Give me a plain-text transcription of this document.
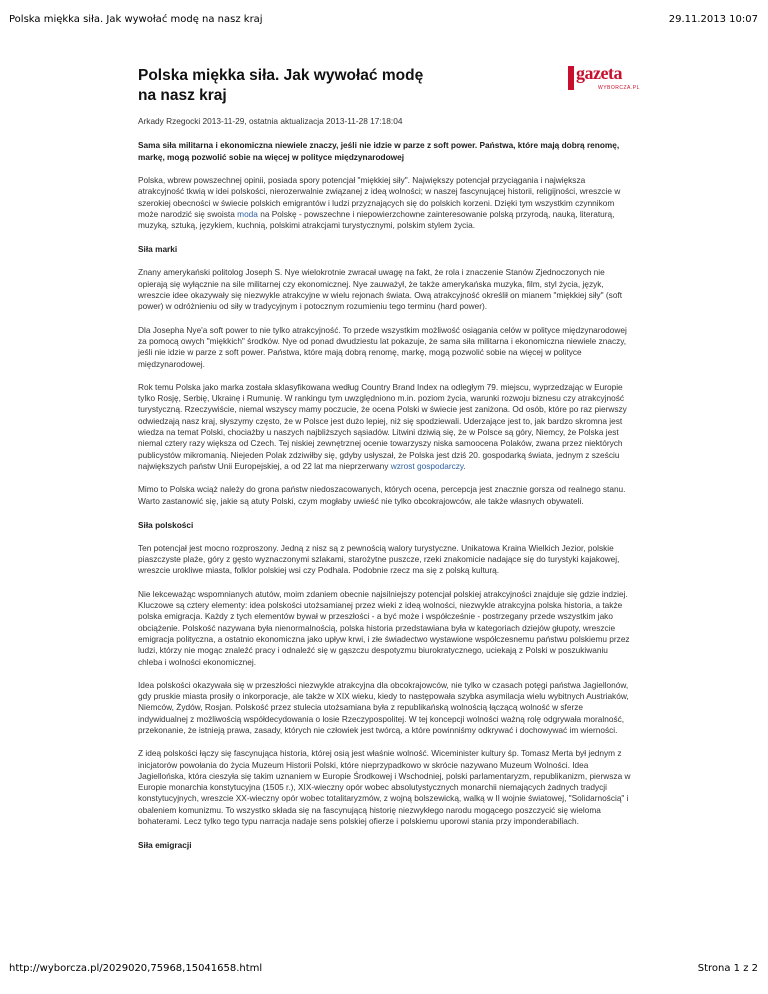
Polska miękka siła. Jak wywołać modę na nasz kraj	29.11.2013 10:07
gazeta
WYBORCZA.PL
Polska miękka siła. Jak wywołać modę na nasz kraj
Arkady Rzegocki 2013-11-29, ostatnia aktualizacja 2013-11-28 17:18:04
Sama siła militarna i ekonomiczna niewiele znaczy, jeśli nie idzie w parze z soft power. Państwa, które mają dobrą renomę, markę, mogą pozwolić sobie na więcej w polityce międzynarodowej

Polska, wbrew powszechnej opinii, posiada spory potencjał "miękkiej siły". Największy potencjał przyciągania i największa atrakcyjność tkwią w idei polskości, nierozerwalnie związanej z ideą wolności; w naszej fascynującej historii, religijności, wreszcie w szerokiej obecności w świecie polskich emigrantów i ludzi przyznających się do polskich korzeni. Dzięki tym wszystkim czynnikom może narodzić się swoista moda na Polskę - powszechne i niepowierzchowne zainteresowanie polską przyrodą, nauką, literaturą, muzyką, sztuką, językiem, kuchnią, polskimi atrakcjami turystycznymi, polskim stylem życia.

Siła marki

Znany amerykański politolog Joseph S. Nye wielokrotnie zwracał uwagę na fakt, że rola i znaczenie Stanów Zjednoczonych nie opierają się wyłącznie na sile militarnej czy ekonomicznej. Nye zauważył, że także amerykańska muzyka, film, styl życia, język, wreszcie idee okazywały się niezwykle atrakcyjne w wielu rejonach świata. Ową atrakcyjność określił on mianem "miękkiej siły" (soft power) w odróżnieniu od siły w tradycyjnym i potocznym rozumieniu tego terminu (hard power).

Dla Josepha Nye'a soft power to nie tylko atrakcyjność. To przede wszystkim możliwość osiągania celów w polityce międzynarodowej za pomocą owych "miękkich" środków. Nye od ponad dwudziestu lat pokazuje, że sama siła militarna i ekonomiczna niewiele znaczy, jeśli nie idzie w parze z soft power. Państwa, które mają dobrą renomę, markę, mogą pozwolić sobie na więcej w polityce międzynarodowej.

Rok temu Polska jako marka została sklasyfikowana według Country Brand Index na odległym 79. miejscu, wyprzedzając w Europie tylko Rosję, Serbię, Ukrainę i Rumunię. W rankingu tym uwzględniono m.in. poziom życia, warunki rozwoju biznesu czy atrakcyjność turystyczną. Rzeczywiście, niemal wszyscy mamy poczucie, że ocena Polski w świecie jest zaniżona. Od osób, które po raz pierwszy odwiedzają nasz kraj, słyszymy często, że w Polsce jest dużo lepiej, niż się spodziewali. Uderzające jest to, jak bardzo skromna jest wiedza na temat Polski, chociażby u naszych najbliższych sąsiadów. Litwini dziwią się, że w Polsce są góry, Niemcy, że Polska jest niemal cztery razy większa od Czech. Tej niskiej zewnętrznej ocenie towarzyszy niska samoocena Polaków, zwana przez niektórych publicystów mikromanią. Niejeden Polak zdziwiłby się, gdyby usłyszał, że Polska jest dziś 20. gospodarką świata, jednym z sześciu największych państw Unii Europejskiej, a od 22 lat ma nieprzerwany wzrost gospodarczy.

Mimo to Polska wciąż należy do grona państw niedoszacowanych, których ocena, percepcja jest znacznie gorsza od realnego stanu. Warto zastanowić się, jakie są atuty Polski, czym mogłaby uwieść nie tylko obcokrajowców, ale także własnych obywateli.

Siła polskości

Ten potencjał jest mocno rozproszony. Jedną z nisz są z pewnością walory turystyczne. Unikatowa Kraina Wielkich Jezior, polskie piaszczyste plaże, góry z gęsto wyznaczonymi szlakami, starożytne puszcze, rzeki znakomicie nadające się do turystyki kajakowej, wreszcie urokliwe miasta, folklor polskiej wsi czy Podhala. Podobnie rzecz ma się z polską kulturą.

Nie lekceważąc wspomnianych atutów, moim zdaniem obecnie najsilniejszy potencjał polskiej atrakcyjności znajduje się gdzie indziej. Kluczowe są cztery elementy: idea polskości utożsamianej przez wieki z ideą wolności, niezwykle atrakcyjna polska historia, a także polska emigracja. Każdy z tych elementów bywał w przeszłości - a być może i współcześnie - postrzegany przede wszystkim jako obciążenie. Polskość nazywana była nienormalnością, polska historia przedstawiana była w kategoriach dziejów głupoty, wreszcie emigracja polityczna, a ostatnio ekonomiczna jako upływ krwi, i złe świadectwo wystawione współczesnemu państwu polskiemu przez ludzi, którzy nie mogąc znaleźć pracy i odnaleźć się w gąszczu despotyzmu biurokratycznego, uciekają z Polski w poszukiwaniu chleba i wolności ekonomicznej.

Idea polskości okazywała się w przeszłości niezwykle atrakcyjna dla obcokrajowców, nie tylko w czasach potęgi państwa Jagiellonów, gdy pruskie miasta prosiły o inkorporacje, ale także w XIX wieku, kiedy to następowała szybka asymilacja wielu wybitnych Austriaków, Niemców, Żydów, Rosjan. Polskość przez stulecia utożsamiana była z republikańską wolnością łączącą wolność w sferze indywidualnej z możliwością współdecydowania o losie Rzeczypospolitej. W tej koncepcji wolności ważną rolę odgrywała moralność, przekonanie, że istnieją prawa, zasady, których nie człowiek jest twórcą, a które powinniśmy odkrywać i dochowywać im wierności.

Z ideą polskości łączy się fascynująca historia, której osią jest właśnie wolność. Wiceminister kultury śp. Tomasz Merta był jednym z inicjatorów powołania do życia Muzeum Historii Polski, które nieprzypadkowo w skrócie nazywano Muzeum Wolności. Idea Jagiellońska, która cieszyła się takim uznaniem w Europie Środkowej i Wschodniej, polski parlamentaryzm, republikanizm, pierwsza w Europie monarchia konstytucyjna (1505 r.), XIX-wieczny opór wobec absolutystycznych monarchii niemających żadnych tradycji konstytucyjnych, wreszcie XX-wieczny opór wobec totalitaryzmów, z wojną bolszewicką, walką w II wojnie światowej, "Solidarnością" i obaleniem komunizmu. To wszystko składa się na fascynującą historię niezwykłego narodu mogącego poszczycić się wieloma bohaterami. Lecz tylko tego typu narracja nadaje sens polskiej ofierze i polskiemu uporowi stania przy imponderabiliach.

Siła emigracji
http://wyborcza.pl/2029020,75968,15041658.html	Strona 1 z 2
